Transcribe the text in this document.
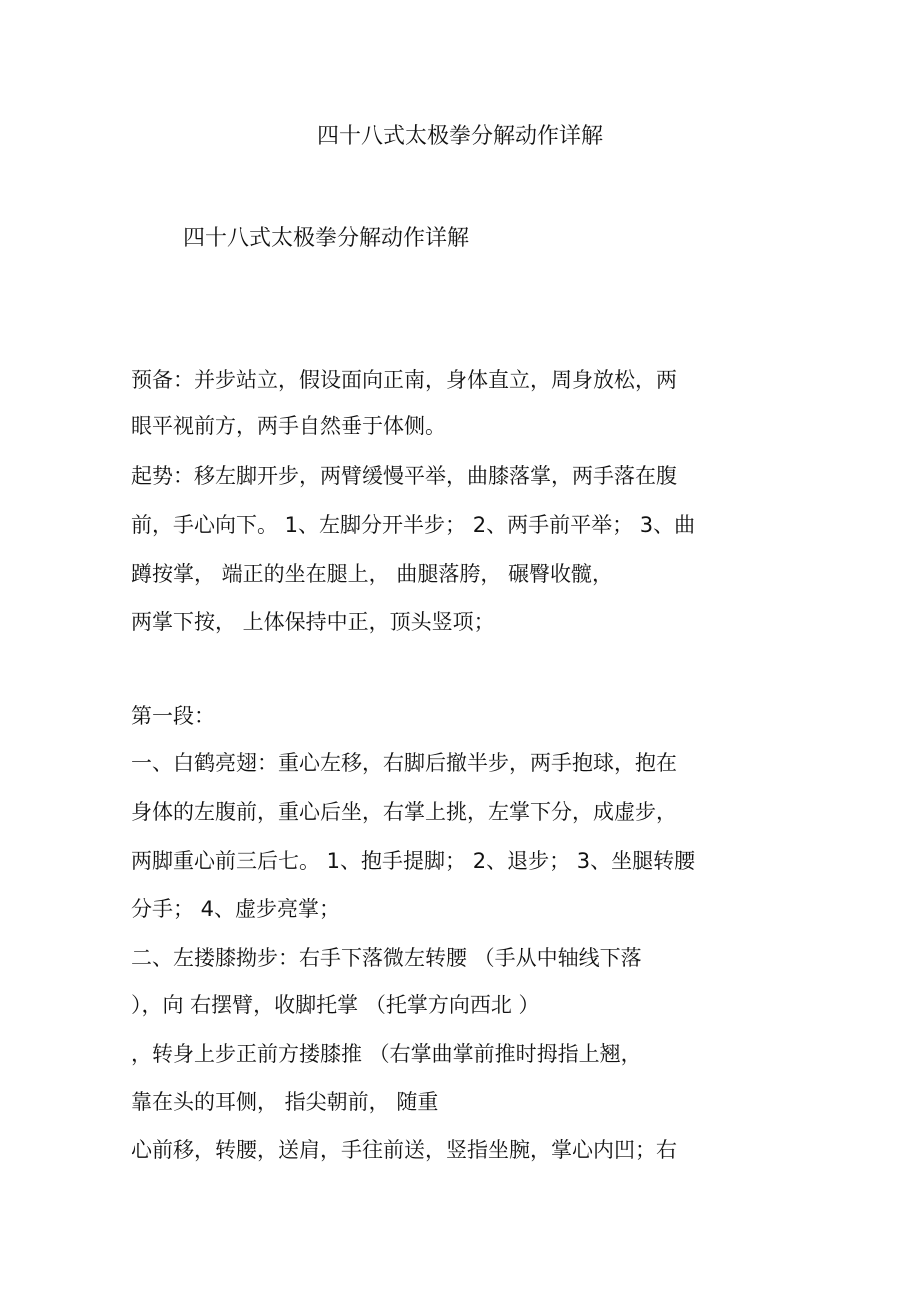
四十八式太极拳分解动作详解
四十八式太极拳分解动作详解
预备：并步站立，假设面向正南，身体直立，周身放松，两
眼平视前方，两手自然垂于体侧。
起势：移左脚开步，两臂缓慢平举，曲膝落掌，两手落在腹
前，手心向下。 1、左脚分开半步； 2、两手前平举； 3、曲
蹲按掌， 端正的坐在腿上， 曲腿落胯， 碾臀收髋，
两掌下按， 上体保持中正，顶头竖项；
第一段：
一、白鹤亮翅：重心左移，右脚后撤半步，两手抱球，抱在
身体的左腹前，重心后坐，右掌上挑，左掌下分，成虚步，
两脚重心前三后七。 1、抱手提脚； 2、退步； 3、坐腿转腰
分手； 4、虚步亮掌；
二、左搂膝拗步：右手下落微左转腰 （手从中轴线下落
），向 右摆臂，收脚托掌 （托掌方向西北 ）
，转身上步正前方搂膝推 （右掌曲掌前推时拇指上翘，
靠在头的耳侧， 指尖朝前， 随重
心前移，转腰，送肩，手往前送，竖指坐腕，掌心内凹；右
